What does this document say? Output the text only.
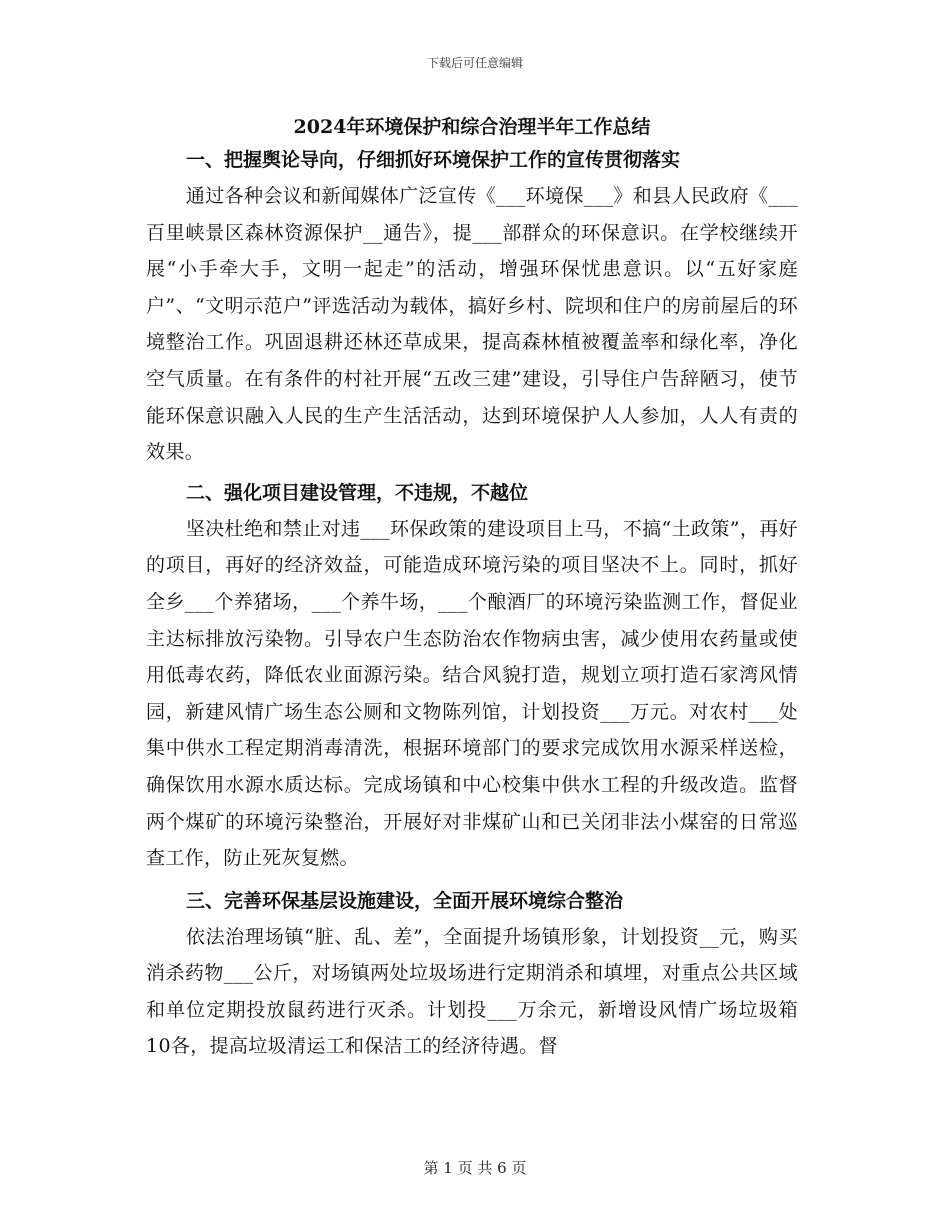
下载后可任意编辑
2024年环境保护和综合治理半年工作总结
一、把握舆论导向，仔细抓好环境保护工作的宣传贯彻落实

通过各种会议和新闻媒体广泛宣传《___环境保___》和县人民政府《___百里峡景区森林资源保护__通告》，提___部群众的环保意识。在学校继续开展“小手牵大手，文明一起走”的活动，增强环保忧患意识。以“五好家庭户”、“文明示范户”评选活动为载体，搞好乡村、院坝和住户的房前屋后的环境整治工作。巩固退耕还林还草成果，提高森林植被覆盖率和绿化率，净化空气质量。在有条件的村社开展“五改三建”建设，引导住户告辞陋习，使节能环保意识融入人民的生产生活活动，达到环境保护人人参加，人人有责的效果。

二、强化项目建设管理，不违规，不越位

坚决杜绝和禁止对违___环保政策的建设项目上马，不搞“土政策”，再好的项目，再好的经济效益，可能造成环境污染的项目坚决不上。同时，抓好全乡___个养猪场，___个养牛场，___个酿酒厂的环境污染监测工作，督促业主达标排放污染物。引导农户生态防治农作物病虫害，减少使用农药量或使用低毒农药，降低农业面源污染。结合风貌打造，规划立项打造石家湾风情园，新建风情广场生态公厕和文物陈列馆，计划投资___万元。对农村___处集中供水工程定期消毒清洗，根据环境部门的要求完成饮用水源采样送检，确保饮用水源水质达标。完成场镇和中心校集中供水工程的升级改造。监督两个煤矿的环境污染整治，开展好对非煤矿山和已关闭非法小煤窑的日常巡查工作，防止死灰复燃。

三、完善环保基层设施建设，全面开展环境综合整治

依法治理场镇“脏、乱、差”，全面提升场镇形象，计划投资__元，购买消杀药物___公斤，对场镇两处垃圾场进行定期消杀和填埋，对重点公共区域和单位定期投放鼠药进行灭杀。计划投___万余元，新增设风情广场垃圾箱10各，提高垃圾清运工和保洁工的经济待遇。督

第 1 页 共 6 页
